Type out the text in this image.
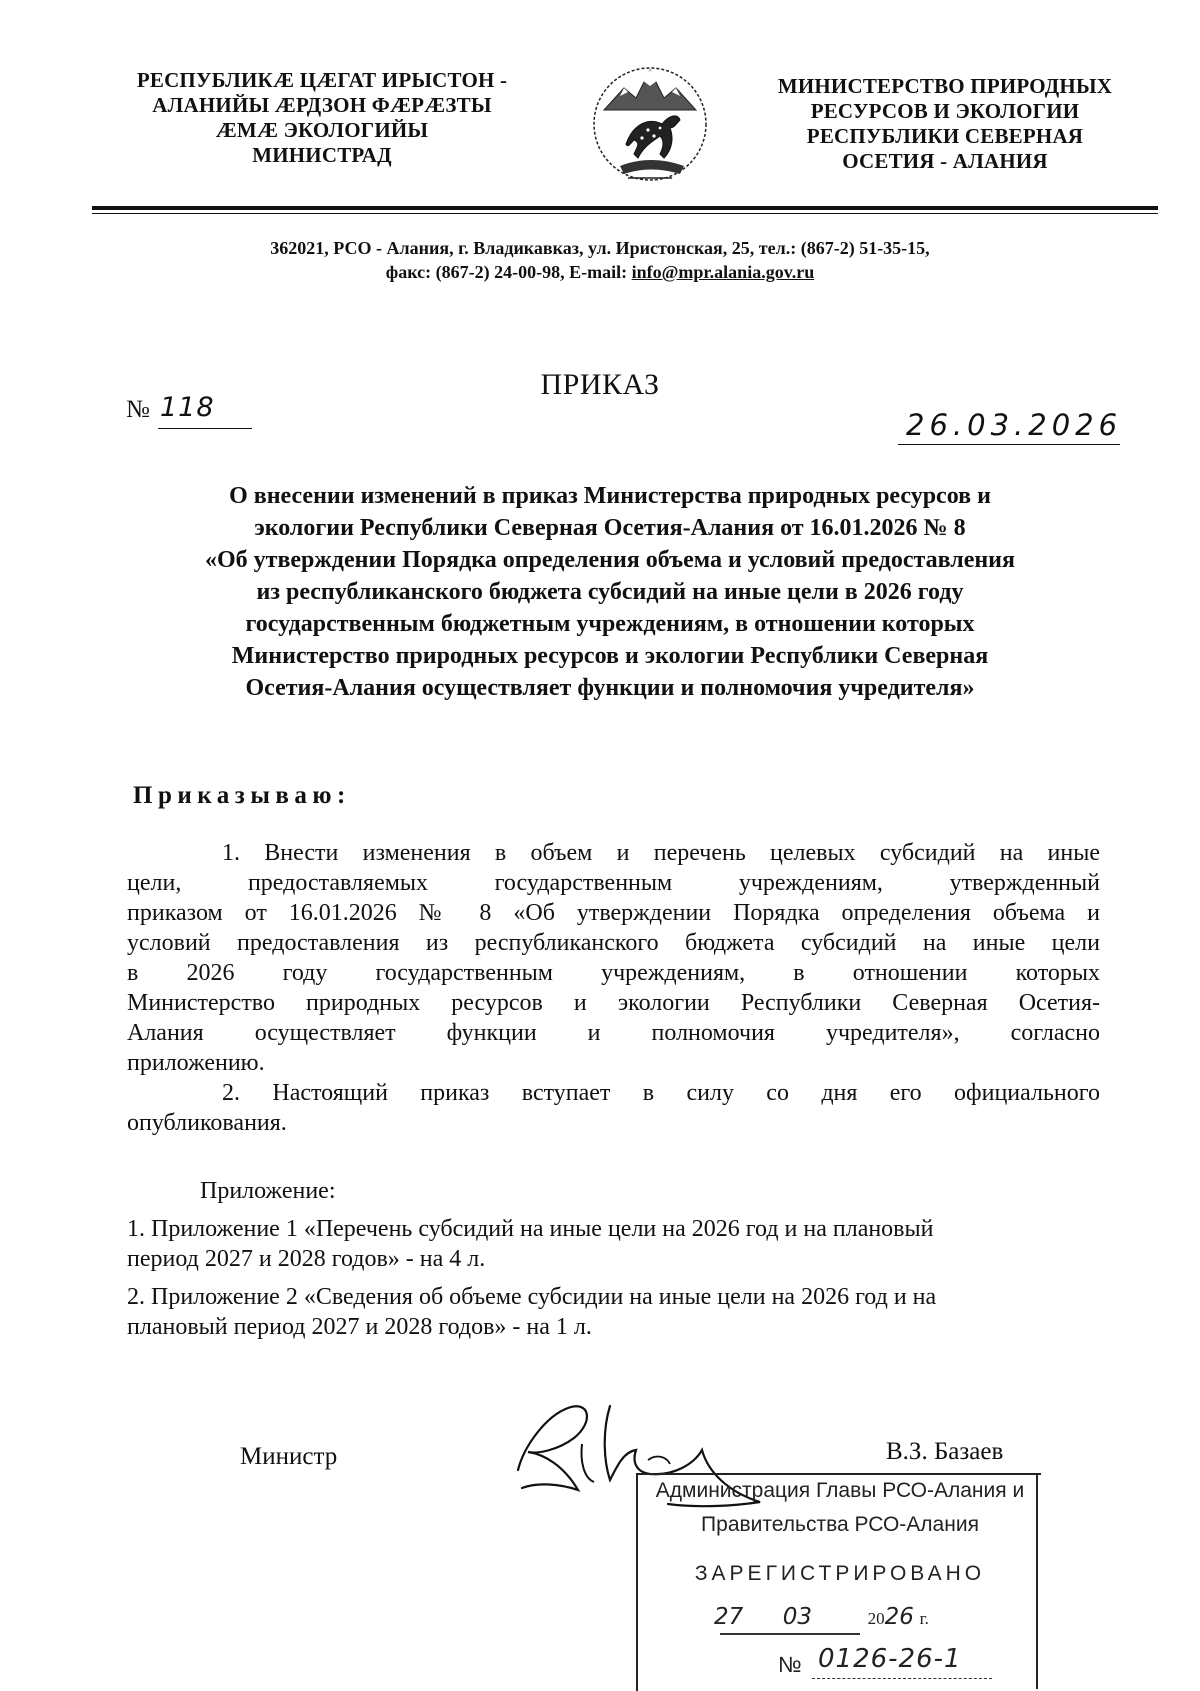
РЕСПУБЛИКÆ ЦÆГАТ ИРЫСТОН -
АЛАНИЙЫ ÆРДЗОН ФÆРÆЗТЫ
ÆМÆ ЭКОЛОГИЙЫ
МИНИСТРАД
МИНИСТЕРСТВО ПРИРОДНЫХ
РЕСУРСОВ И ЭКОЛОГИИ
РЕСПУБЛИКИ СЕВЕРНАЯ
ОСЕТИЯ - АЛАНИЯ
362021, РСО - Алания, г. Владикавказ, ул. Иристонская, 25, тел.: (867-2) 51-35-15,
факс: (867-2) 24-00-98, E-mail: info@mpr.alania.gov.ru
ПРИКАЗ
№ 118
26.03.2026
О внесении изменений в приказ Министерства природных ресурсов и
экологии Республики Северная Осетия-Алания от 16.01.2026 № 8
«Об утверждении Порядка определения объема и условий предоставления
из республиканского бюджета субсидий на иные цели в 2026 году
государственным бюджетным учреждениям, в отношении которых
Министерство природных ресурсов и экологии Республики Северная
Осетия-Алания осуществляет функции и полномочия учредителя»
Приказываю:
1. Внести изменения в объем и перечень целевых субсидий на иные
цели, предоставляемых государственным учреждениям, утвержденный
приказом от 16.01.2026 № 8 «Об утверждении Порядка определения объема и
условий предоставления из республиканского бюджета субсидий на иные цели
в 2026 году государственным учреждениям, в отношении которых
Министерство природных ресурсов и экологии Республики Северная Осетия-
Алания осуществляет функции и полномочия учредителя», согласно
приложению.
2. Настоящий приказ вступает в силу со дня его официального
опубликования.
Приложение:
1. Приложение 1 «Перечень субсидий на иные цели на 2026 год и на плановый
период 2027 и 2028 годов» - на 4 л.
2. Приложение 2 «Сведения об объеме субсидии на иные цели на 2026 год и на
плановый период 2027 и 2028 годов» - на 1 л.
Министр	В.З. Базаев
Администрация Главы РСО-Алания и
Правительства РСО-Алания
ЗАРЕГИСТРИРОВАНО
27 03	2026 г.
№ 0126-26-1
